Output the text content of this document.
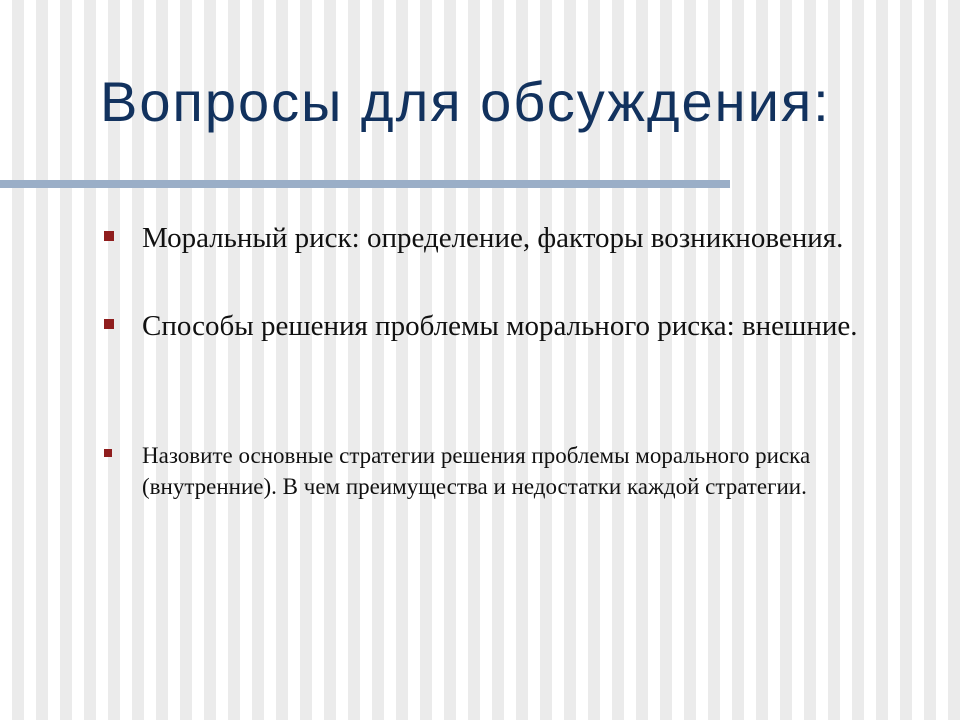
Вопросы для обсуждения:
Моральный риск: определение, факторы возникновения.
Способы решения проблемы морального риска: внешние.
Назовите основные стратегии решения проблемы морального риска (внутренние). В чем преимущества и недостатки каждой стратегии.
